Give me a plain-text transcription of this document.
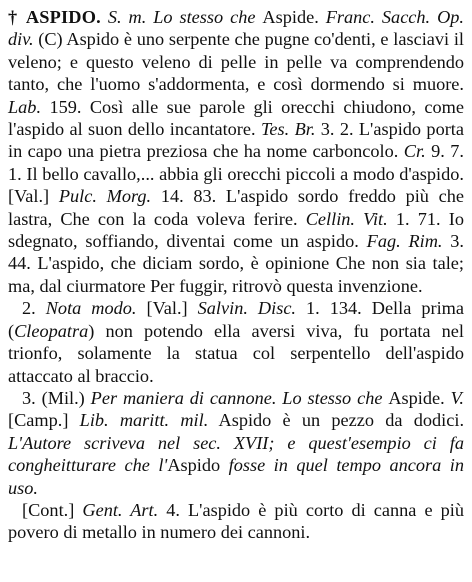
† ASPIDO. S. m. Lo stesso che Aspide. Franc. Sacch. Op. div. (C) Aspido è uno serpente che pugne co'denti, e lasciavi il veleno; e questo veleno di pelle in pelle va comprendendo tanto, che l'uomo s'addormenta, e così dormendo si muore. Lab. 159. Così alle sue parole gli orecchi chiudono, come l'aspido al suon dello incantatore. Tes. Br. 3. 2. L'aspido porta in capo una pietra preziosa che ha nome carboncolo. Cr. 9. 7. 1. Il bello cavallo,... abbia gli orecchi piccoli a modo d'aspido. [Val.] Pulc. Morg. 14. 83. L'aspido sordo freddo più che lastra, Che con la coda voleva ferire. Cellin. Vit. 1. 71. Io sdegnato, soffiando, diventai come un aspido. Fag. Rim. 3. 44. L'aspido, che diciam sordo, è opinione Che non sia tale; ma, dal ciurmatore Per fuggir, ritrovò questa invenzione.

2. Nota modo. [Val.] Salvin. Disc. 1. 134. Della prima (Cleopatra) non potendo ella aversi viva, fu portata nel trionfo, solamente la statua col serpentello dell'aspido attaccato al braccio.

3. (Mil.) Per maniera di cannone. Lo stesso che Aspide. V. [Camp.] Lib. maritt. mil. Aspido è un pezzo da dodici. L'Autore scriveva nel sec. XVII; e quest'esempio ci fa congheitturare che l'Aspido fosse in quel tempo ancora in uso.

[Cont.] Gent. Art. 4. L'aspido è più corto di canna e più povero di metallo in numero dei cannoni.
